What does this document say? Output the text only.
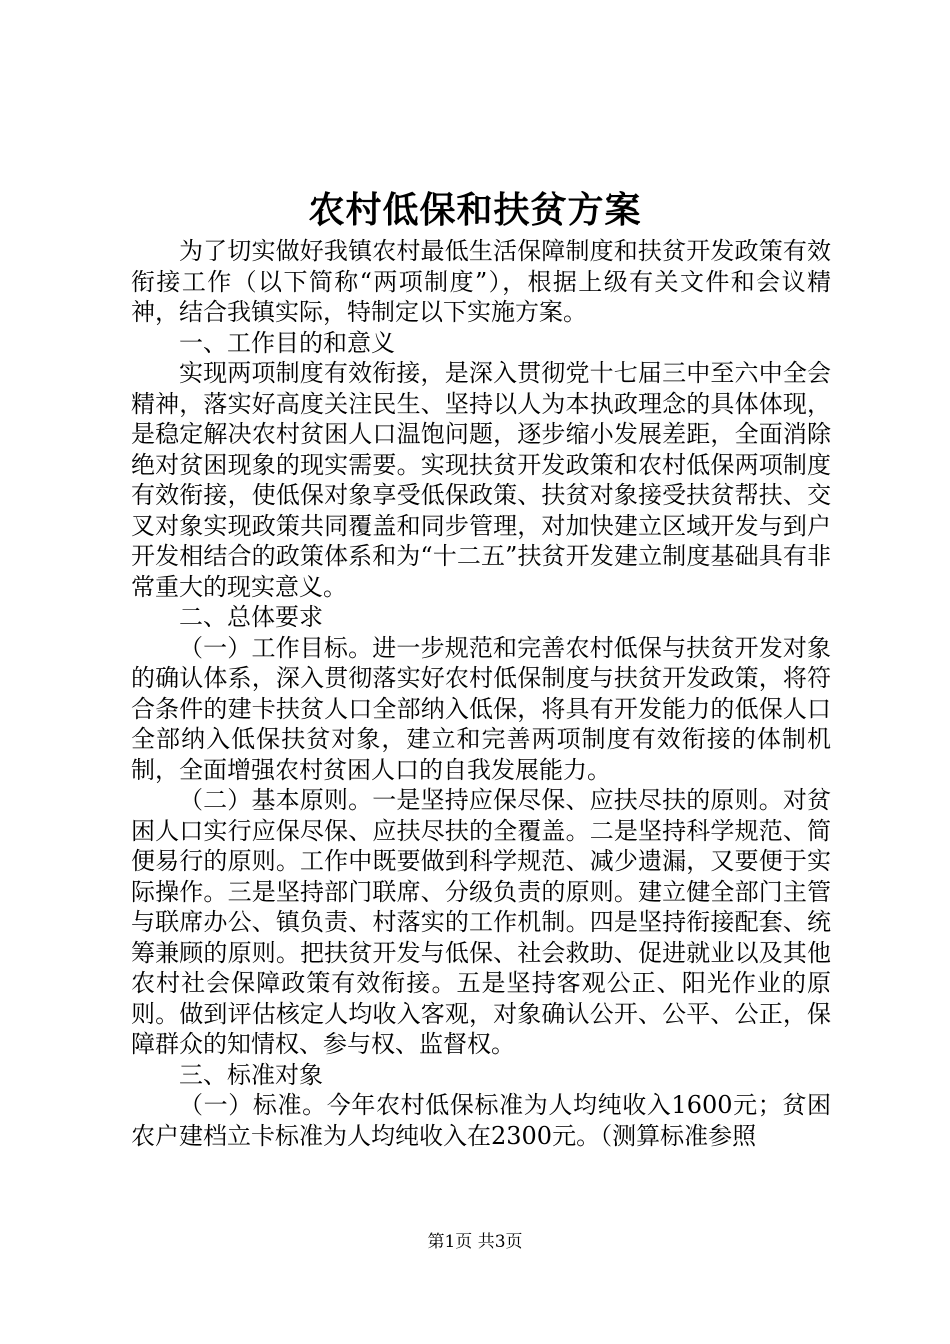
农村低保和扶贫方案

为了切实做好我镇农村最低生活保障制度和扶贫开发政策有效衔接工作（以下简称“两项制度”），根据上级有关文件和会议精神，结合我镇实际，特制定以下实施方案。

一、工作目的和意义

实现两项制度有效衔接，是深入贯彻党十七届三中至六中全会精神，落实好高度关注民生、坚持以人为本执政理念的具体体现，是稳定解决农村贫困人口温饱问题，逐步缩小发展差距，全面消除绝对贫困现象的现实需要。实现扶贫开发政策和农村低保两项制度有效衔接，使低保对象享受低保政策、扶贫对象接受扶贫帮扶、交叉对象实现政策共同覆盖和同步管理，对加快建立区域开发与到户开发相结合的政策体系和为“十二五”扶贫开发建立制度基础具有非常重大的现实意义。

二、总体要求

（一）工作目标。进一步规范和完善农村低保与扶贫开发对象的确认体系，深入贯彻落实好农村低保制度与扶贫开发政策，将符合条件的建卡扶贫人口全部纳入低保，将具有开发能力的低保人口全部纳入低保扶贫对象，建立和完善两项制度有效衔接的体制机制，全面增强农村贫困人口的自我发展能力。

（二）基本原则。一是坚持应保尽保、应扶尽扶的原则。对贫困人口实行应保尽保、应扶尽扶的全覆盖。二是坚持科学规范、简便易行的原则。工作中既要做到科学规范、减少遗漏，又要便于实际操作。三是坚持部门联席、分级负责的原则。建立健全部门主管与联席办公、镇负责、村落实的工作机制。四是坚持衔接配套、统筹兼顾的原则。把扶贫开发与低保、社会救助、促进就业以及其他农村社会保障政策有效衔接。五是坚持客观公正、阳光作业的原则。做到评估核定人均收入客观，对象确认公开、公平、公正，保障群众的知情权、参与权、监督权。

三、标准对象

（一）标准。今年农村低保标准为人均纯收入1600元；贫困农户建档立卡标准为人均纯收入在2300元。（测算标准参照

第1页 共3页
